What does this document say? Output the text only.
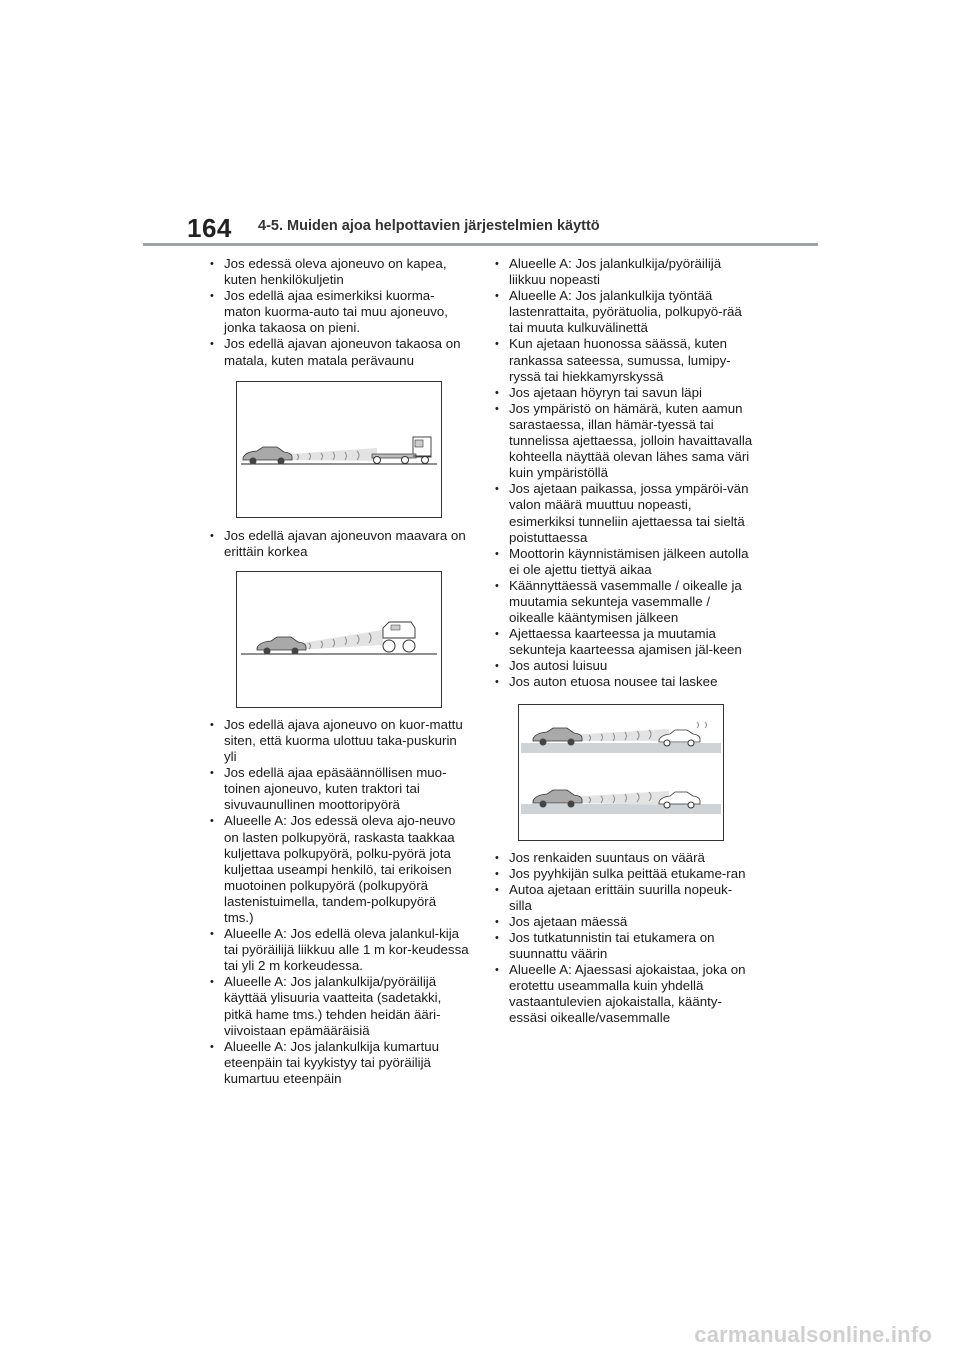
164 4-5. Muiden ajoa helpottavien järjestelmien käyttö
• Jos edessä oleva ajoneuvo on kapea, kuten henkilökuljetin
• Jos edellä ajaa esimerkiksi kuorma-maton kuorma-auto tai muu ajoneuvo, jonka takaosa on pieni.
• Jos edellä ajavan ajoneuvon takaosa on matala, kuten matala perävaunu
• Jos edellä ajavan ajoneuvon maavara on erittäin korkea
• Jos edellä ajava ajoneuvo on kuor-mattu siten, että kuorma ulottuu taka-puskurin yli
• Jos edellä ajaa epäsäännöllisen muo-toinen ajoneuvo, kuten traktori tai sivuvaunullinen moottoripyörä
• Alueelle A: Jos edessä oleva ajo-neuvo on lasten polkupyörä, raskasta taakkaa kuljettava polkupyörä, polku-pyörä jota kuljettaa useampi henkilö, tai erikoisen muotoinen polkupyörä (polkupyörä lastenistuimella, tandem-polkupyörä tms.)
• Alueelle A: Jos edellä oleva jalankul-kija tai pyöräilijä liikkuu alle 1 m kor-keudessa tai yli 2 m korkeudessa.
• Alueelle A: Jos jalankulkija/pyöräilijä käyttää ylisuuria vaatteita (sadetakki, pitkä hame tms.) tehden heidän ääri-viivoistaan epämääräisiä
• Alueelle A: Jos jalankulkija kumartuu eteenpäin tai kyykistyy tai pyöräilijä kumartuu eteenpäin
• Alueelle A: Jos jalankulkija/pyöräilijä liikkuu nopeasti
• Alueelle A: Jos jalankulkija työntää lastenrattaita, pyörätuolia, polkupyö-rää tai muuta kulkuvälinettä
• Kun ajetaan huonossa säässä, kuten rankassa sateessa, sumussa, lumipy-ryssä tai hiekkamyrskyssä
• Jos ajetaan höyryn tai savun läpi
• Jos ympäristö on hämärä, kuten aamun sarastaessa, illan hämär-tyessä tai tunnelissa ajettaessa, jolloin havaittavalla kohteella näyttää olevan lähes sama väri kuin ympäristöllä
• Jos ajetaan paikassa, jossa ympäröi-vän valon määrä muuttuu nopeasti, esimerkiksi tunneliin ajettaessa tai sieltä poistuttaessa
• Moottorin käynnistämisen jälkeen autolla ei ole ajettu tiettyä aikaa
• Käännyttäessä vasemmalle / oikealle ja muutamia sekunteja vasemmalle / oikealle kääntymisen jälkeen
• Ajettaessa kaarteessa ja muutamia sekunteja kaarteessa ajamisen jäl-keen
• Jos autosi luisuu
• Jos auton etuosa nousee tai laskee
• Jos renkaiden suuntaus on väärä
• Jos pyyhkijän sulka peittää etukame-ran
• Autoa ajetaan erittäin suurilla nopeuk-silla
• Jos ajetaan mäessä
• Jos tutkatunnistin tai etukamera on suunnattu väärin
• Alueelle A: Ajaessasi ajokaistaa, joka on erotettu useammalla kuin yhdellä vastaantulevien ajokaistalla, käänty-essäsi oikealle/vasemmalle
carmanualsonline.info
